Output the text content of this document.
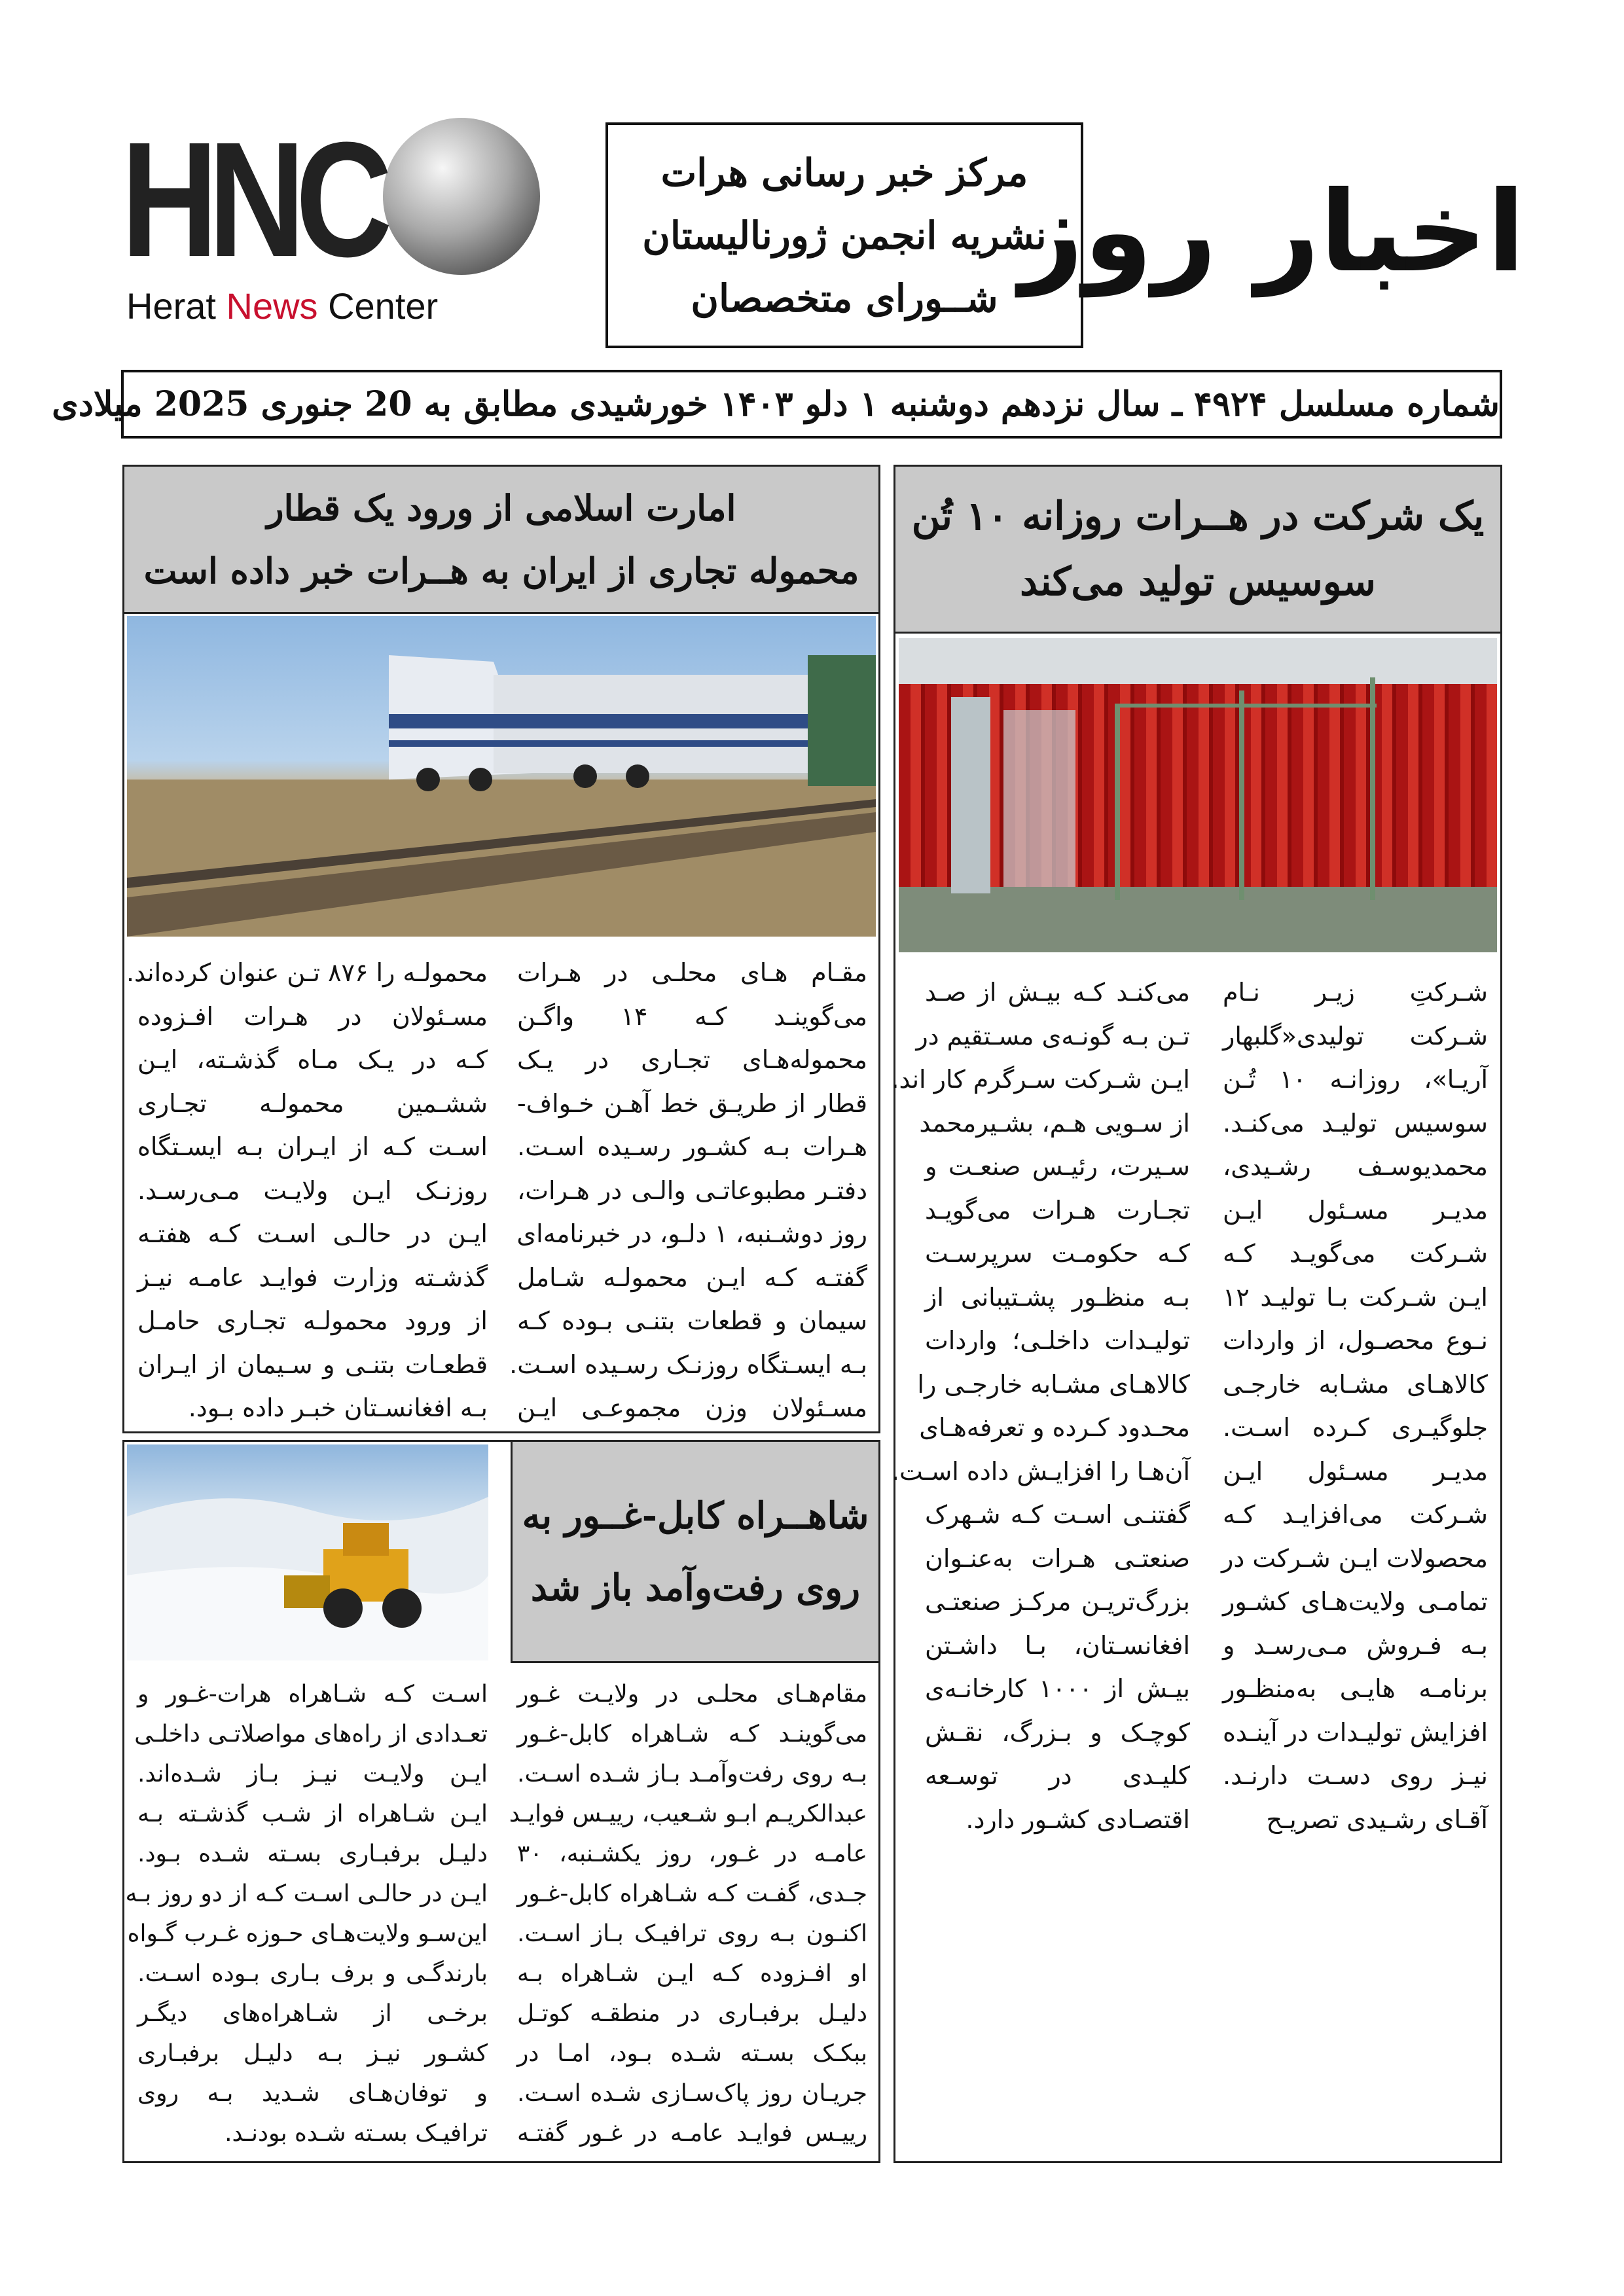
HNC
Herat News Center
مرکز خبر رسانی هرات
نشریه انجمن ژورنالیستان
شــورای متخصصان
اخبار روز
شماره مسلسل ۴۹۲۴ ـ سال نزدهم دوشنبه ۱ دلو ۱۴۰۳ خورشیدی مطابق به 20 جنوری 2025 میلادی
یک شرکت در هــرات روزانه ۱۰ تُن
سوسیس تولید می‌کند
می‌کنـد کـه بیـش از صـد
تـن بـه گونـه‌ی مسـتقیم در
ایـن شـرکت سـرگرم کار اند.
از سـویی هـم، بشـیرمحمد
سـیرت، رئیـس صنعـت و
تجـارت هـرات می‌گویـد
کـه حکومـت سرپرسـت
بـه منظـور پشـتیبانی از
تولیـدات داخلـی؛ واردات
کالاهـای مشـابه خارجـی را
محـدود کـرده و تعرفه‌هـای
آن‌هـا را افزایـش داده اسـت.
گفتنـی اسـت کـه شـهرک
صنعتـی هـرات به‌عنـوان
بزرگ‌تریـن مرکـز صنعتـی
افغانسـتان، بـا داشـتن
بیـش از ۱۰۰۰ کارخانـه‌ی
کوچـک و بـزرگ، نقـش
کلیـدی در توسـعه
اقتصـادی کشـور دارد.
شـرکتِ زیـر نـام
شـرکت تولیدی«گلبهار
آریـا»، روزانـه ۱۰ تُـن
سوسیس تولیـد می‌کنـد.
محمدیوسـف رشـیدی،
مدیـر مسـئول ایـن
شـرکت می‌گویـد کـه
ایـن شـرکت بـا تولیـد ۱۲
نـوع محصـول، از واردات
کالاهـای مشـابه خارجـی
جلوگیـری کـرده اسـت.
مدیـر مسـئول ایـن
شـرکت می‌افزایـد کـه
محصولات ایـن شـرکت در
تمامـی ولایت‌هـای کشـور
بـه فـروش مـی‌رسـد و
برنامـه هایـی به‌منظـور
افزایش تولیـدات در آینـده
نیـز روی دسـت دارنـد.
آقـای رشـیدی تصریـح
امارت اسلامی از ورود یک قطار
محموله تجاری از ایران به هــرات خبر داده است
محمولـه را ۸۷۶ تـن عنوان کرده‌اند.
مسـئولان در هـرات افـزوده
کـه در یـک مـاه گذشـته، ایـن
ششـمین محمولـه تجـاری
اسـت کـه از ایـران بـه ایسـتگاه
روزنـک ایـن ولایـت مـی‌رسـد.
ایـن در حالـی اسـت کـه هفتـه
گذشـته وزارت فوایـد عامـه نیـز
از ورود محمولـه تجـاری حامـل
قطعـات بتنـی و سـیمان از ایـران
بـه افغانسـتان خبـر داده بـود.
مقـام هـای محلـی در هـرات
می‌گوینـد کـه ۱۴ واگـن
محموله‌هـای تجـاری در یـک
قطار از طریـق خط آهـن خـواف-
هـرات بـه کشـور رسـیده اسـت.
دفتـر مطبوعاتـی والـی در هـرات،
روز دوشـنبه، ۱ دلـو، در خبرنامه‌ای
گفتـه کـه ایـن محمولـه شـامل
سیمان و قطعات بتنـی بـوده کـه
بـه ایسـتگاه روزنـک رسـیده اسـت.
مسـئولان وزن مجموعـی ایـن
شاهــراه کابل-غــور به
روی رفت‌وآمد باز شد
اسـت کـه شـاهراه هرات-غـور و
تعـدادی از راه‌های مواصلاتـی داخلـی
ایـن ولایـت نیـز بـاز شـده‌اند.
ایـن شـاهراه از شـب گذشـته بـه
دلیـل برفبـاری بسـته شـده بـود.
ایـن در حالـی اسـت کـه از دو روز بـه
این‌سـو ولایت‌هـای حـوزه غـرب گـواه
بارندگـی و برف بـاری بـوده اسـت.
برخـی از شـاهراه‌های دیگـر
کشـور نیـز بـه دلیـل برفبـاری
و توفان‌هـای شـدید بـه روی
ترافیـک بسـته شـده بودنـد.
مقام‌هـای محلـی در ولایـت غـور
می‌گوینـد کـه شـاهراه کابل-غـور
بـه روی رفت‌وآمـد بـاز شـده اسـت.
عبدالکریـم ابـو شـعیب، رییـس فوایـد
عامـه در غـور، روز یکشـنبه، ۳۰
جـدی، گفـت کـه شـاهراه کابل-غـور
اکنـون بـه روی ترافیـک بـاز اسـت.
او افـزوده کـه ایـن شـاهراه بـه
دلیـل برفبـاری در منطقـه کوتـل
ببکـک بسـته شـده بـود، امـا در
جریـان روز پاک‌سـازی شـده اسـت.
رییـس فوایـد عامـه در غـور گفتـه
